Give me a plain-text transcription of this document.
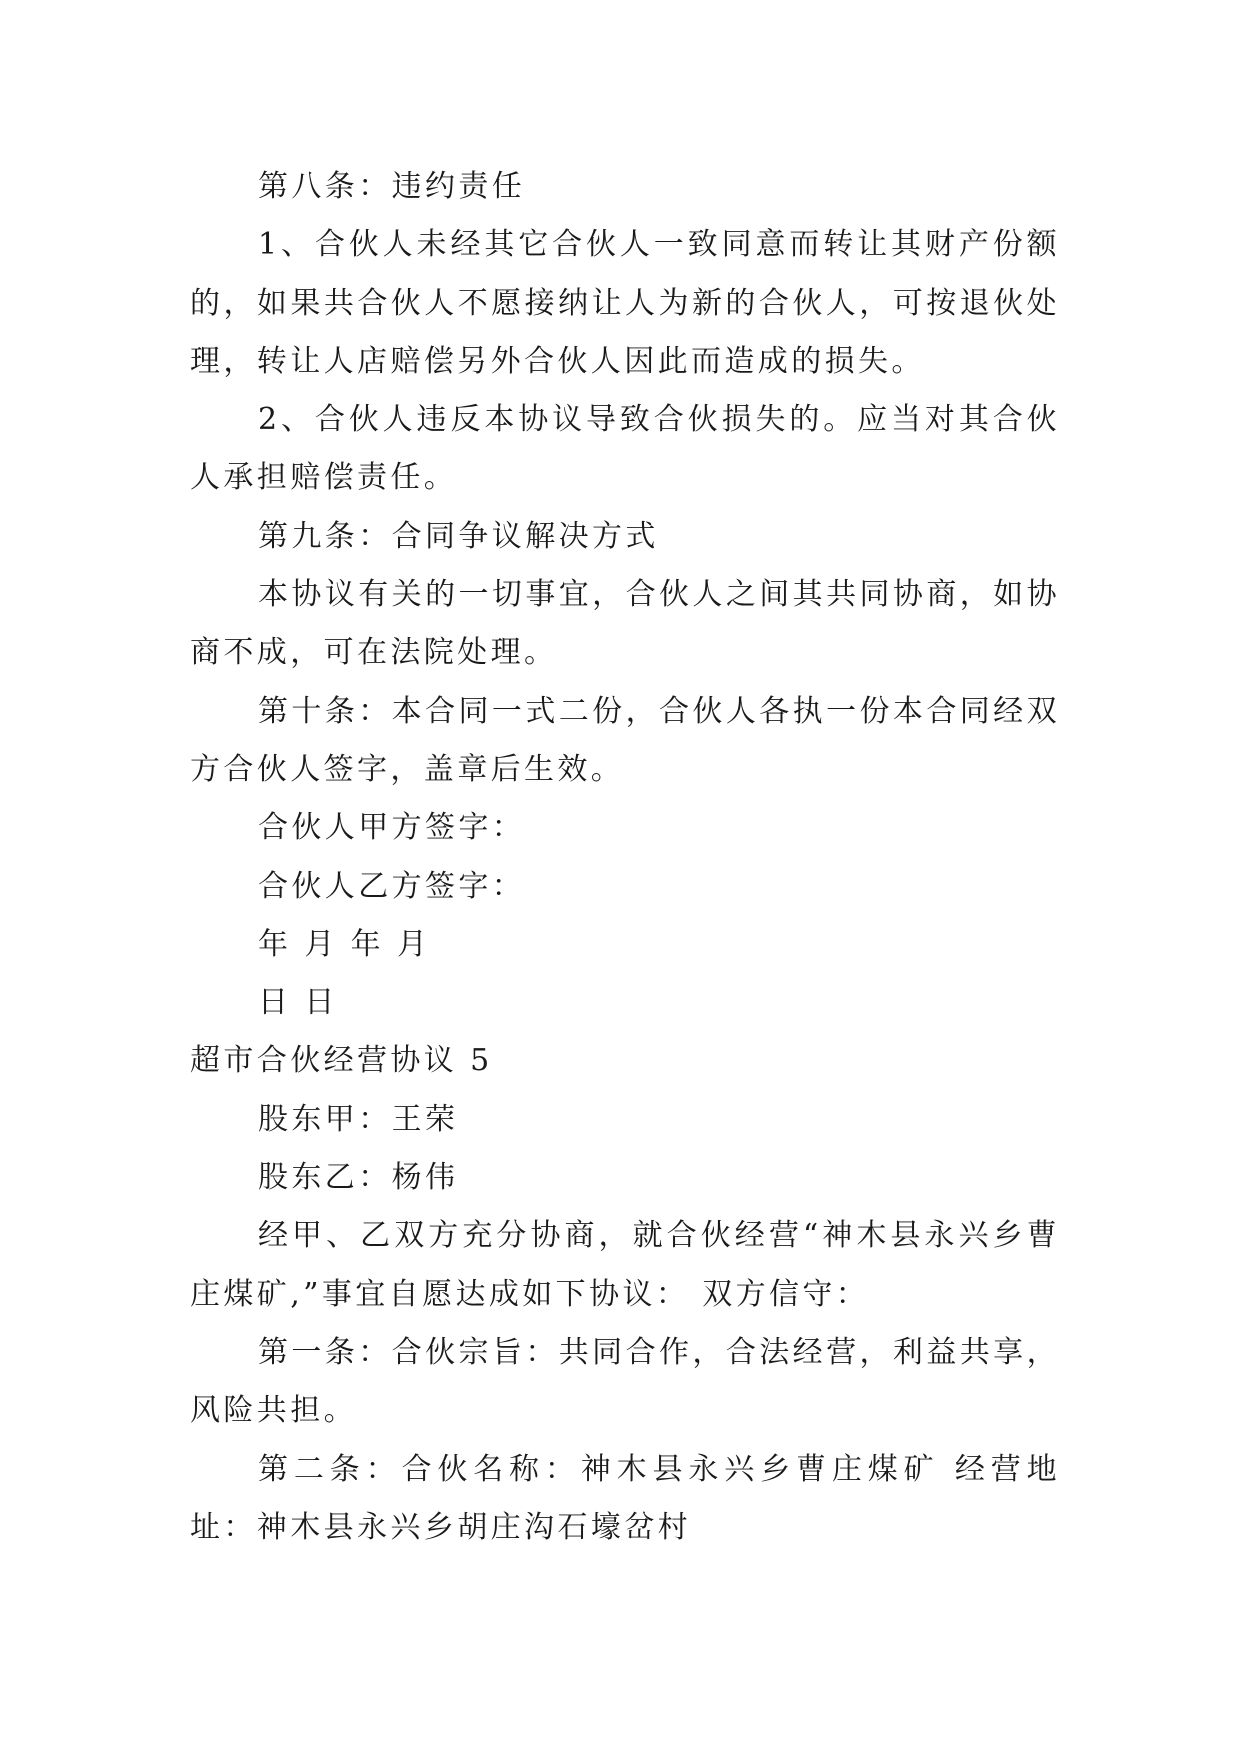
第八条：违约责任

1、合伙人未经其它合伙人一致同意而转让其财产份额的，如果共合伙人不愿接纳让人为新的合伙人，可按退伙处理，转让人店赔偿另外合伙人因此而造成的损失。

2、合伙人违反本协议导致合伙损失的。应当对其合伙人承担赔偿责任。

第九条：合同争议解决方式

本协议有关的一切事宜，合伙人之间其共同协商，如协商不成，可在法院处理。

第十条：本合同一式二份，合伙人各执一份本合同经双方合伙人签字，盖章后生效。

合伙人甲方签字：

合伙人乙方签字：

年 月 年 月

日 日

超市合伙经营协议 5

股东甲：王荣

股东乙：杨伟

经甲、乙双方充分协商，就合伙经营“神木县永兴乡曹庄煤矿,”事宜自愿达成如下协议： 双方信守：

第一条：合伙宗旨：共同合作，合法经营，利益共享，风险共担。

第二条：合伙名称：神木县永兴乡曹庄煤矿 经营地址：神木县永兴乡胡庄沟石壕岔村
